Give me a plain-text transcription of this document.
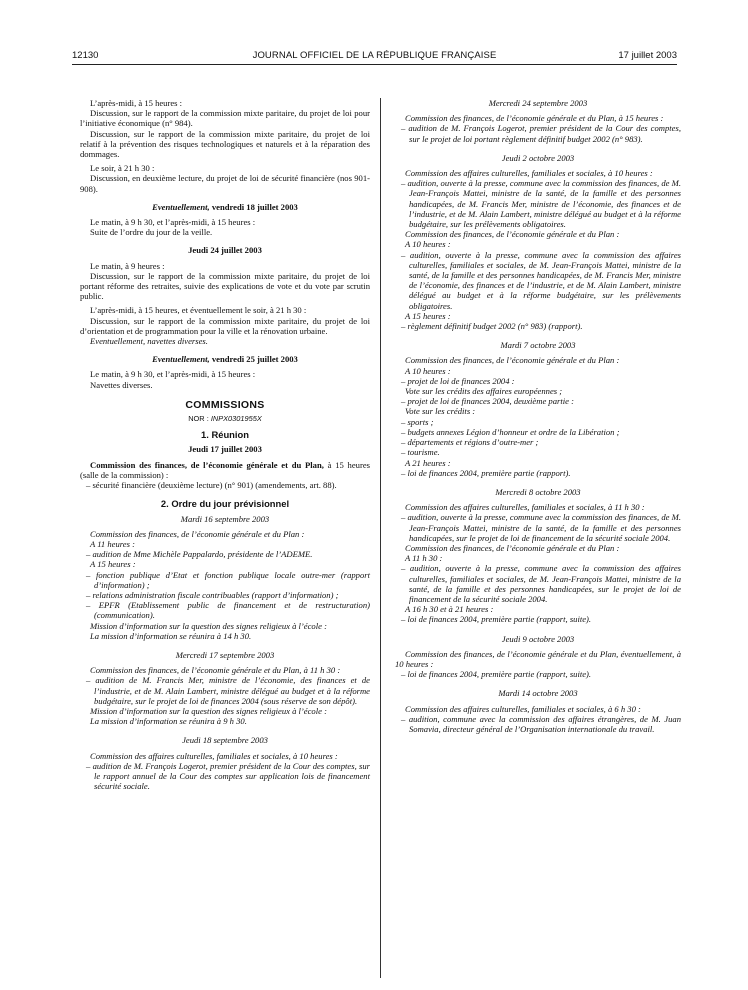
12130	JOURNAL OFFICIEL DE LA RÉPUBLIQUE FRANÇAISE	17 juillet 2003

L’après-midi, à 15 heures :

Discussion, sur le rapport de la commission mixte paritaire, du projet de loi pour l’initiative économique (n° 984).

Discussion, sur le rapport de la commission mixte paritaire, du projet de loi relatif à la prévention des risques technologiques et naturels et à la réparation des dommages.

Le soir, à 21 h 30 :

Discussion, en deuxième lecture, du projet de loi de sécurité financière (nos 901-908).

Eventuellement, vendredi 18 juillet 2003

Le matin, à 9 h 30, et l’après-midi, à 15 heures :

Suite de l’ordre du jour de la veille.

Jeudi 24 juillet 2003

Le matin, à 9 heures :

Discussion, sur le rapport de la commission mixte paritaire, du projet de loi portant réforme des retraites, suivie des explications de vote et du vote par scrutin public.

L’après-midi, à 15 heures, et éventuellement le soir, à 21 h 30 :

Discussion, sur le rapport de la commission mixte paritaire, du projet de loi d’orientation et de programmation pour la ville et la rénovation urbaine.

Eventuellement, navettes diverses.

Eventuellement, vendredi 25 juillet 2003

Le matin, à 9 h 30, et l’après-midi, à 15 heures :

Navettes diverses.

COMMISSIONS
NOR : INPX0301955X
1. Réunion
Jeudi 17 juillet 2003

Commission des finances, de l’économie générale et du Plan, à 15 heures (salle de la commission) :

– sécurité financière (deuxième lecture) (n° 901) (amendements, art. 88).

2. Ordre du jour prévisionnel
Mardi 16 septembre 2003

Commission des finances, de l’économie générale et du Plan :

A 11 heures :

– audition de Mme Michèle Pappalardo, présidente de l’ADEME.

A 15 heures :

– fonction publique d’Etat et fonction publique locale outre-mer (rapport d’information) ;

– relations administration fiscale contribuables (rapport d’information) ;

– EPFR (Etablissement public de financement et de restructuration) (communication).

Mission d’information sur la question des signes religieux à l’école :

La mission d’information se réunira à 14 h 30.

Mercredi 17 septembre 2003

Commission des finances, de l’économie générale et du Plan, à 11 h 30 :

– audition de M. Francis Mer, ministre de l’économie, des finances et de l’industrie, et de M. Alain Lambert, ministre délégué au budget et à la réforme budgétaire, sur le projet de loi de finances 2004 (sous réserve de son dépôt).

Mission d’information sur la question des signes religieux à l’école :

La mission d’information se réunira à 9 h 30.

Jeudi 18 septembre 2003

Commission des affaires culturelles, familiales et sociales, à 10 heures :

– audition de M. François Logerot, premier président de la Cour des comptes, sur le rapport annuel de la Cour des comptes sur application lois de financement sécurité sociale.

Mercredi 24 septembre 2003

Commission des finances, de l’économie générale et du Plan, à 15 heures :

– audition de M. François Logerot, premier président de la Cour des comptes, sur le projet de loi portant règlement définitif budget 2002 (n° 983).

Jeudi 2 octobre 2003

Commission des affaires culturelles, familiales et sociales, à 10 heures :

– audition, ouverte à la presse, commune avec la commission des finances, de M. Jean-François Mattei, ministre de la santé, de la famille et des personnes handicapées, de M. Francis Mer, ministre de l’économie, des finances et de l’industrie, et de M. Alain Lambert, ministre délégué au budget et à la réforme budgétaire, sur les prélèvements obligatoires.

Commission des finances, de l’économie générale et du Plan :

A 10 heures :

– audition, ouverte à la presse, commune avec la commission des affaires culturelles, familiales et sociales, de M. Jean-François Mattei, ministre de la santé, de la famille et des personnes handicapées, de M. Francis Mer, ministre de l’économie, des finances et de l’industrie, et de M. Alain Lambert, ministre délégué au budget et à la réforme budgétaire, sur les prélèvements obligatoires.

A 15 heures :

– règlement définitif budget 2002 (n° 983) (rapport).

Mardi 7 octobre 2003

Commission des finances, de l’économie générale et du Plan :

A 10 heures :

– projet de loi de finances 2004 :

Vote sur les crédits des affaires européennes ;

– projet de loi de finances 2004, deuxième partie :

Vote sur les crédits :

– sports ;

– budgets annexes Légion d’honneur et ordre de la Libération ;

– départements et régions d’outre-mer ;

– tourisme.

A 21 heures :

– loi de finances 2004, première partie (rapport).

Mercredi 8 octobre 2003

Commission des affaires culturelles, familiales et sociales, à 11 h 30 :

– audition, ouverte à la presse, commune avec la commission des finances, de M. Jean-François Mattei, ministre de la santé, de la famille et des personnes handicapées, sur le projet de loi de financement de la sécurité sociale 2004.

Commission des finances, de l’économie générale et du Plan :

A 11 h 30 :

– audition, ouverte à la presse, commune avec la commission des affaires culturelles, familiales et sociales, de M. Jean-François Mattei, ministre de la santé, de la famille et des personnes handicapées, sur le projet de loi de financement de la sécurité sociale 2004.

A 16 h 30 et à 21 heures :

– loi de finances 2004, première partie (rapport, suite).

Jeudi 9 octobre 2003

Commission des finances, de l’économie générale et du Plan, éventuellement, à 10 heures :

– loi de finances 2004, première partie (rapport, suite).

Mardi 14 octobre 2003

Commission des affaires culturelles, familiales et sociales, à 6 h 30 :

– audition, commune avec la commission des affaires étrangères, de M. Juan Somavia, directeur général de l’Organisation internationale du travail.
